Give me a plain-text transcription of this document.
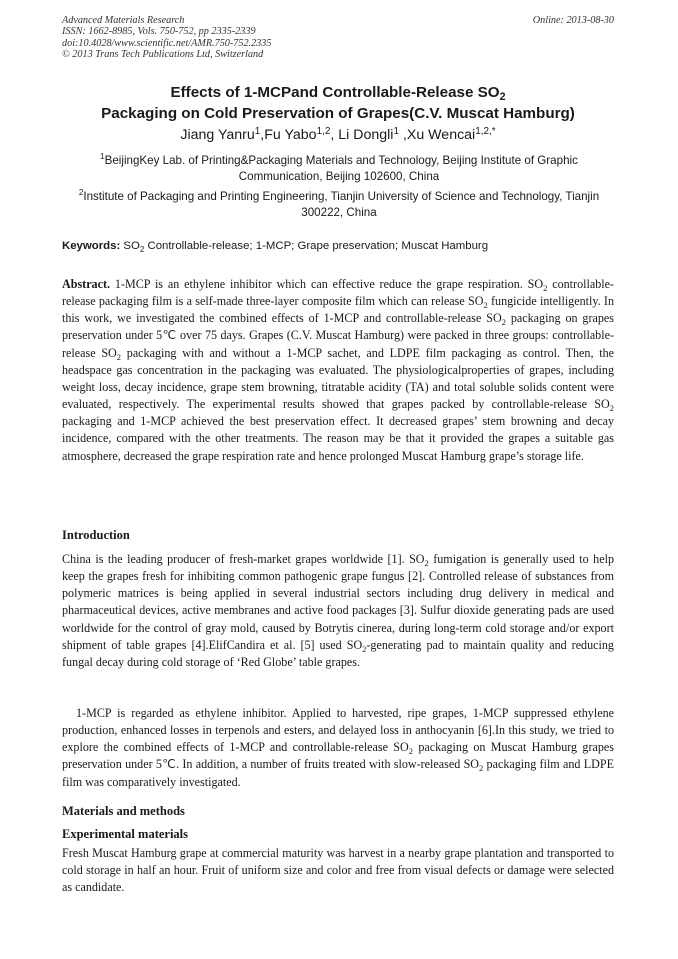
Advanced Materials Research
ISSN: 1662-8985, Vols. 750-752, pp 2335-2339
doi:10.4028/www.scientific.net/AMR.750-752.2335
© 2013 Trans Tech Publications Ltd, Switzerland
Online: 2013-08-30
Effects of 1-MCPand Controllable-Release $SO_2$
Packaging on Cold Preservation of Grapes(C.V. Muscat Hamburg)
Jiang Yanru$^1$,Fu Yabo$^{1,2}$, Li Dongli$^1$ ,Xu Wencai$^{1,2,*}$
$^1$BeijingKey Lab. of Printing&Packaging Materials and Technology, Beijing Institute of Graphic Communication, Beijing 102600, China
$^2$Institute of Packaging and Printing Engineering, Tianjin University of Science and Technology, Tianjin 300222, China
Keywords: $SO_2$ Controllable-release; 1-MCP; Grape preservation; Muscat Hamburg

Abstract. 1-MCP is an ethylene inhibitor which can effective reduce the grape respiration. $SO_2$ controllable-release packaging film is a self-made three-layer composite film which can release $SO_2$ fungicide intelligently. In this work, we investigated the combined effects of 1-MCP and controllable-release $SO_2$ packaging on grapes preservation under 5℃ over 75 days. Grapes (C.V. Muscat Hamburg) were packed in three groups: controllable-release $SO_2$ packaging with and without a 1-MCP sachet, and LDPE film packaging as control. Then, the headspace gas concentration in the packaging was evaluated. The physiologicalproperties of grapes, including weight loss, decay incidence, grape stem browning, titratable acidity (TA) and total soluble solids content were evaluated, respectively. The experimental results showed that grapes packed by controllable-release $SO_2$ packaging and 1-MCP achieved the best preservation effect. It decreased grapes’ stem browning and decay incidence, compared with the other treatments. The reason may be that it provided the grapes a suitable gas atmosphere, decreased the grape respiration rate and hence prolonged Muscat Hamburg grape’s storage life.

Introduction

China is the leading producer of fresh-market grapes worldwide [1]. $SO_2$ fumigation is generally used to help keep the grapes fresh for inhibiting common pathogenic grape fungus [2]. Controlled release of substances from polymeric matrices is being applied in several industrial sectors including drug delivery in medical and pharmaceutical devices, active membranes and active food packages [3]. Sulfur dioxide generating pads are used worldwide for the control of gray mold, caused by Botrytis cinerea, during long-term cold storage and/or export shipment of table grapes [4].ElifCandira et al. [5] used $SO_2$-generating pad to maintain quality and reducing fungal decay during cold storage of ‘Red Globe’ table grapes.

1-MCP is regarded as ethylene inhibitor. Applied to harvested, ripe grapes, 1-MCP suppressed ethylene production, enhanced losses in terpenols and esters, and delayed loss in anthocyanin [6].In this study, we tried to explore the combined effects of 1-MCP and controllable-release $SO_2$ packaging on Muscat Hamburg grapes preservation under 5℃. In addition, a number of fruits treated with slow-released $SO_2$ packaging film and LDPE film was comparatively investigated.

Materials and methods
Experimental materials

Fresh Muscat Hamburg grape at commercial maturity was harvest in a nearby grape plantation and transported to cold storage in half an hour. Fruit of uniform size and color and free from visual defects or damage were selected as candidate.
